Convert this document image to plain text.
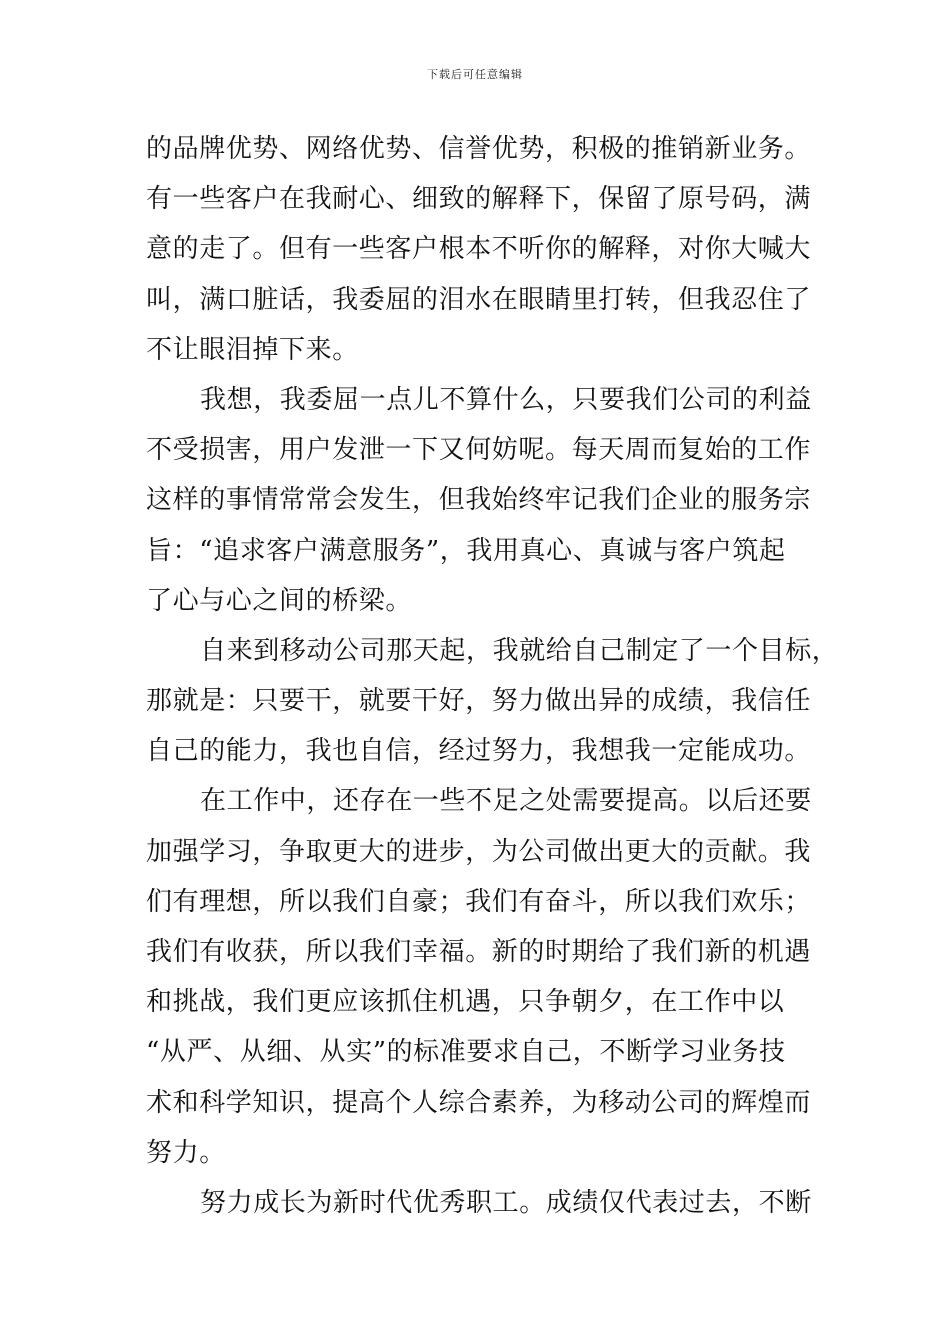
下载后可任意编辑
的品牌优势、网络优势、信誉优势，积极的推销新业务。
有一些客户在我耐心、细致的解释下，保留了原号码，满
意的走了。但有一些客户根本不听你的解释，对你大喊大
叫，满口脏话，我委屈的泪水在眼睛里打转，但我忍住了
不让眼泪掉下来。
我想，我委屈一点儿不算什么，只要我们公司的利益
不受损害，用户发泄一下又何妨呢。每天周而复始的工作
这样的事情常常会发生，但我始终牢记我们企业的服务宗
旨：“追求客户满意服务”，我用真心、真诚与客户筑起
了心与心之间的桥梁。
自来到移动公司那天起，我就给自己制定了一个目标，
那就是：只要干，就要干好，努力做出异的成绩，我信任
自己的能力，我也自信，经过努力，我想我一定能成功。
在工作中，还存在一些不足之处需要提高。以后还要
加强学习，争取更大的进步，为公司做出更大的贡献。我
们有理想，所以我们自豪；我们有奋斗，所以我们欢乐；
我们有收获，所以我们幸福。新的时期给了我们新的机遇
和挑战，我们更应该抓住机遇，只争朝夕，在工作中以
“从严、从细、从实”的标准要求自己，不断学习业务技
术和科学知识，提高个人综合素养，为移动公司的辉煌而
努力。
努力成长为新时代优秀职工。成绩仅代表过去，不断
